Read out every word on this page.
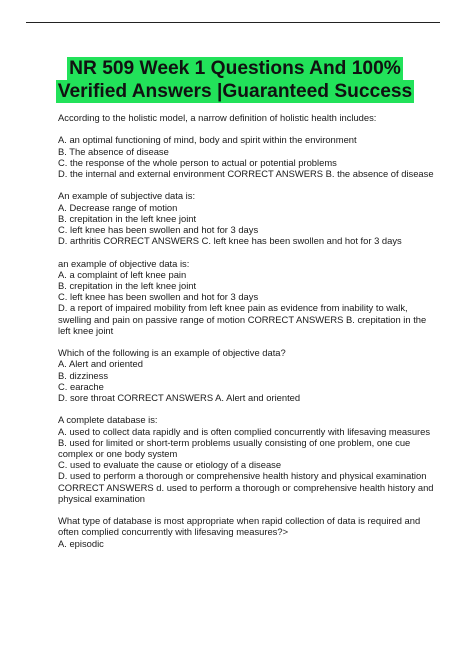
NR 509 Week 1 Questions And 100%
Verified Answers |Guaranteed Success
According to the holistic model, a narrow definition of holistic health includes:
A. an optimal functioning of mind, body and spirit within the environment
B. The absence of disease
C. the response of the whole person to actual or potential problems
D. the internal and external environment CORRECT ANSWERS B. the absence of disease
An example of subjective data is:
A. Decrease range of motion
B. crepitation in the left knee joint
C. left knee has been swollen and hot for 3 days
D. arthritis CORRECT ANSWERS C. left knee has been swollen and hot for 3 days
an example of objective data is:
A. a complaint of left knee pain
B. crepitation in the left knee joint
C. left knee has been swollen and hot for 3 days
D. a report of impaired mobility from left knee pain as evidence from inability to walk, swelling and pain on passive range of motion CORRECT ANSWERS B. crepitation in the left knee joint
Which of the following is an example of objective data?
A. Alert and oriented
B. dizziness
C. earache
D. sore throat CORRECT ANSWERS A. Alert and oriented
A complete database is:
A. used to collect data rapidly and is often complied concurrently with lifesaving measures
B. used for limited or short-term problems usually consisting of one problem, one cue complex or one body system
C. used to evaluate the cause or etiology of a disease
D. used to perform a thorough or comprehensive health history and physical examination CORRECT ANSWERS d. used to perform a thorough or comprehensive health history and physical examination
What type of database is most appropriate when rapid collection of data is required and often complied concurrently with lifesaving measures?>
A. episodic
